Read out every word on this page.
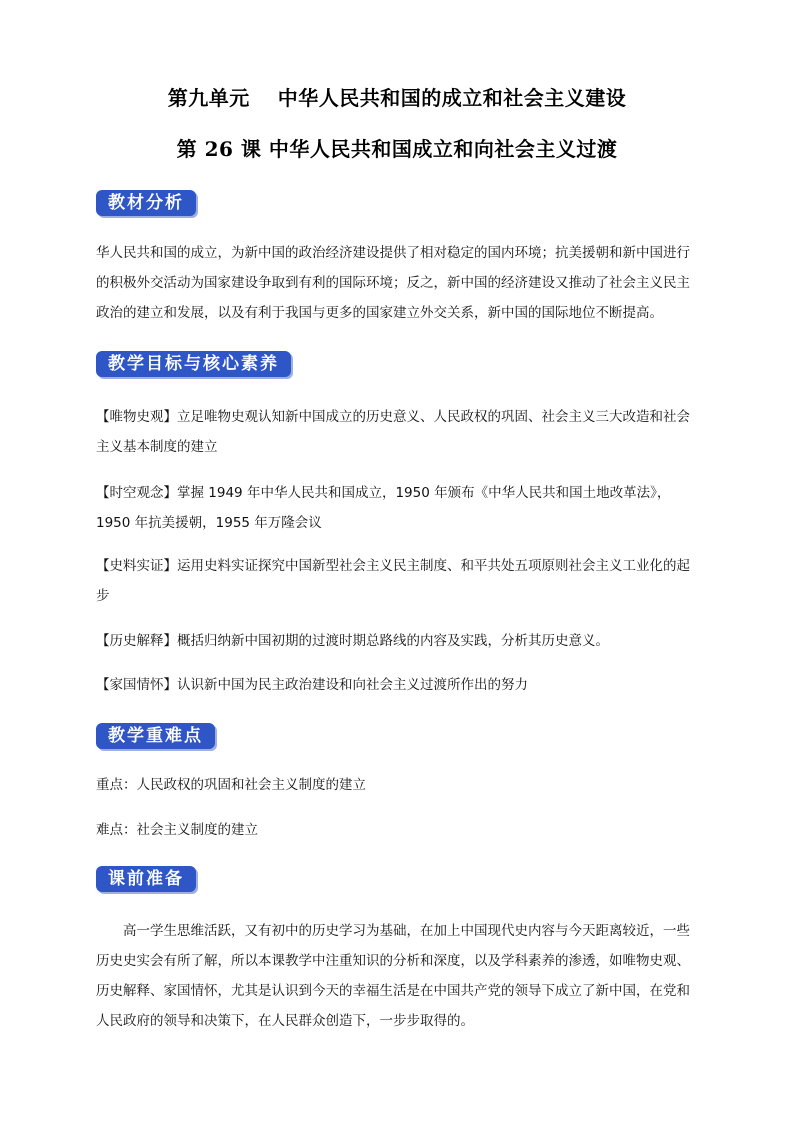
第九单元　 中华人民共和国的成立和社会主义建设
第 26 课 中华人民共和国成立和向社会主义过渡
教材分析
华人民共和国的成立，为新中国的政治经济建设提供了相对稳定的国内环境；抗美援朝和新中国进行的积极外交活动为国家建设争取到有利的国际环境；反之，新中国的经济建设又推动了社会主义民主政治的建立和发展，以及有利于我国与更多的国家建立外交关系，新中国的国际地位不断提高。
教学目标与核心素养
【唯物史观】立足唯物史观认知新中国成立的历史意义、人民政权的巩固、社会主义三大改造和社会主义基本制度的建立
【时空观念】掌握 1949 年中华人民共和国成立，1950 年颁布《中华人民共和国土地改革法》，1950 年抗美援朝，1955 年万隆会议
【史料实证】运用史料实证探究中国新型社会主义民主制度、和平共处五项原则社会主义工业化的起步
【历史解释】概括归纳新中国初期的过渡时期总路线的内容及实践，分析其历史意义。
【家国情怀】认识新中国为民主政治建设和向社会主义过渡所作出的努力
教学重难点
重点：人民政权的巩固和社会主义制度的建立
难点：社会主义制度的建立
课前准备
高一学生思维活跃，又有初中的历史学习为基础，在加上中国现代史内容与今天距离较近，一些历史史实会有所了解，所以本课教学中注重知识的分析和深度，以及学科素养的渗透，如唯物史观、历史解释、家国情怀，尤其是认识到今天的幸福生活是在中国共产党的领导下成立了新中国，在党和人民政府的领导和决策下，在人民群众创造下，一步步取得的。
